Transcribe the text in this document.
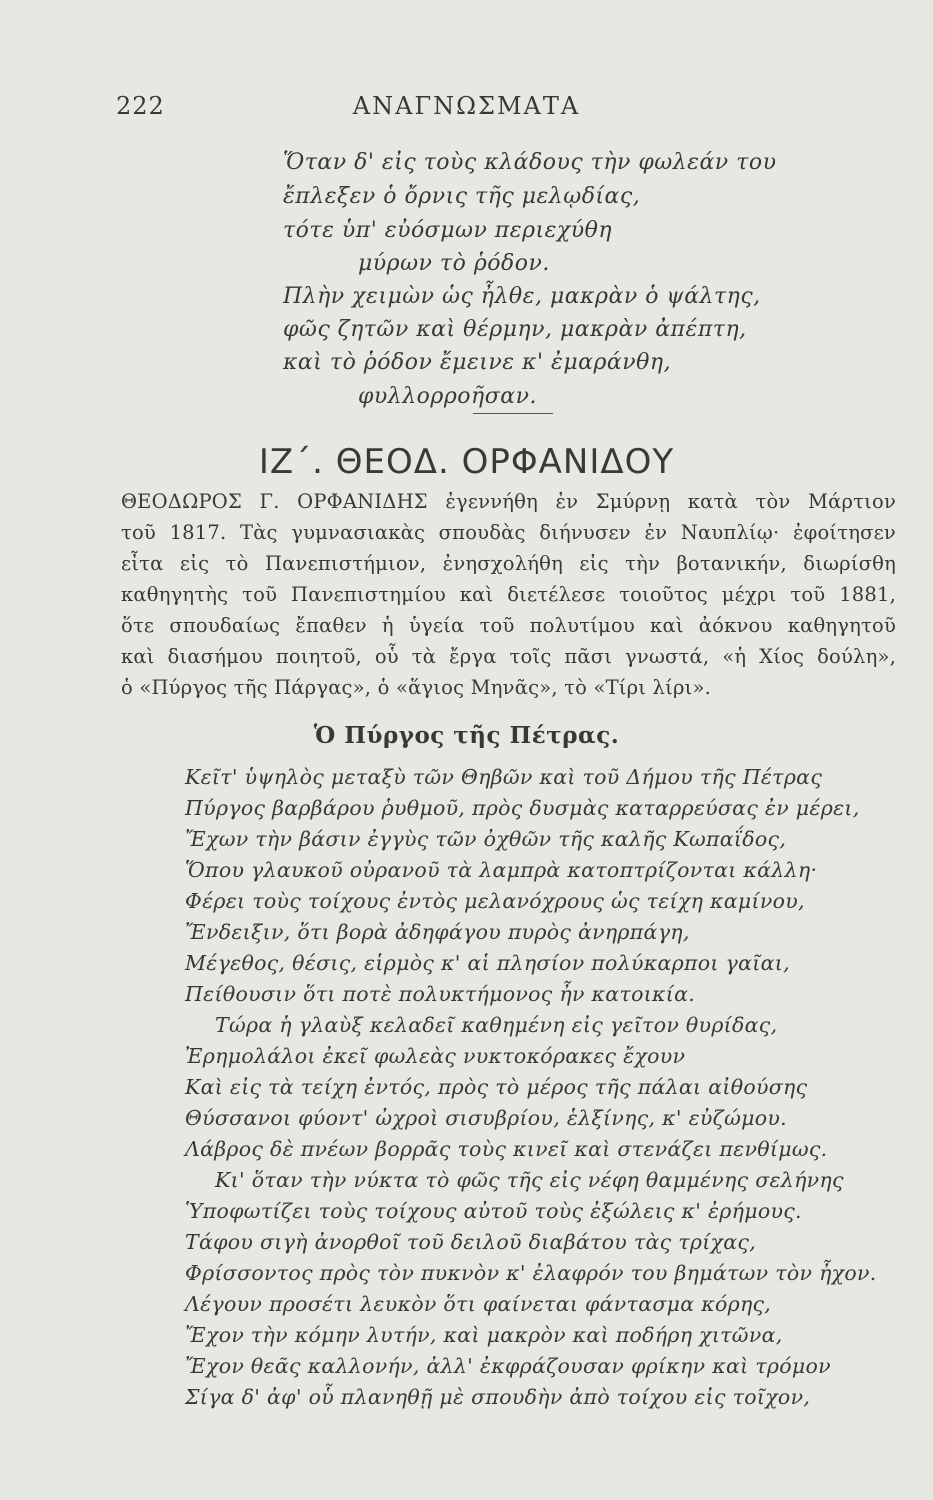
222	ΑΝΑΓΝΩΣΜΑΤΑ
Ὅταν δ' εἰς τοὺς κλάδους τὴν φωλεάν του
ἔπλεξεν ὁ ὄρνις τῆς μελῳδίας,
τότε ὑπ' εὐόσμων περιεχύθη
μύρων τὸ ῥόδον.
Πλὴν χειμὼν ὡς ἦλθε, μακρὰν ὁ ψάλτης,
φῶς ζητῶν καὶ θέρμην, μακρὰν ἀπέπτη,
καὶ τὸ ῥόδον ἔμεινε κ' ἐμαράνθη,
φυλλορροῆσαν.
ΙΖ΄. ΘΕΟΔ. ΟΡΦΑΝΙΔΟΥ
ΘΕΟΔΩΡΟΣ Γ. ΟΡΦΑΝΙΔΗΣ ἐγεννήθη ἐν Σμύρνῃ κατὰ τὸν Μάρτιον
τοῦ 1817. Τὰς γυμνασιακὰς σπουδὰς διήνυσεν ἐν Ναυπλίῳ· ἐφοίτησεν
εἶτα εἰς τὸ Πανεπιστήμιον, ἐνησχολήθη εἰς τὴν βοτανικήν, διωρίσθη
καθηγητὴς τοῦ Πανεπιστημίου καὶ διετέλεσε τοιοῦτος μέχρι τοῦ 1881,
ὅτε σπουδαίως ἔπαθεν ἡ ὑγεία τοῦ πολυτίμου καὶ ἀόκνου καθηγητοῦ
καὶ διασήμου ποιητοῦ, οὗ τὰ ἔργα τοῖς πᾶσι γνωστά, «ἡ Χίος δούλη»,
ὁ «Πύργος τῆς Πάργας», ὁ «ἅγιος Μηνᾶς», τὸ «Τίρι λίρι».
Ὁ Πύργος τῆς Πέτρας.
Κεῖτ' ὑψηλὸς μεταξὺ τῶν Θηβῶν καὶ τοῦ Δήμου τῆς Πέτρας
Πύργος βαρβάρου ῥυθμοῦ, πρὸς δυσμὰς καταρρεύσας ἐν μέρει,
Ἔχων τὴν βάσιν ἐγγὺς τῶν ὀχθῶν τῆς καλῆς Κωπαΐδος,
Ὅπου γλαυκοῦ οὐρανοῦ τὰ λαμπρὰ κατοπτρίζονται κάλλη·
Φέρει τοὺς τοίχους ἐντὸς μελανόχρους ὡς τείχη καμίνου,
Ἔνδειξιν, ὅτι βορὰ ἀδηφάγου πυρὸς ἀνηρπάγη,
Μέγεθος, θέσις, εἱρμὸς κ' αἱ πλησίον πολύκαρποι γαῖαι,
Πείθουσιν ὅτι ποτὲ πολυκτήμονος ἦν κατοικία.
Τώρα ἡ γλαὺξ κελαδεῖ καθημένη εἰς γεῖτον θυρίδας,
Ἐρημολάλοι ἐκεῖ φωλεὰς νυκτοκόρακες ἔχουν
Καὶ εἰς τὰ τείχη ἐντός, πρὸς τὸ μέρος τῆς πάλαι αἰθούσης
Θύσσανοι φύοντ' ὠχροὶ σισυβρίου, ἑλξίνης, κ' εὐζώμου.
Λάβρος δὲ πνέων βορρᾶς τοὺς κινεῖ καὶ στενάζει πενθίμως.
Κι' ὅταν τὴν νύκτα τὸ φῶς τῆς εἰς νέφη θαμμένης σελήνης
Ὑποφωτίζει τοὺς τοίχους αὐτοῦ τοὺς ἐξώλεις κ' ἐρήμους.
Τάφου σιγὴ ἀνορθοῖ τοῦ δειλοῦ διαβάτου τὰς τρίχας,
Φρίσσοντος πρὸς τὸν πυκνὸν κ' ἐλαφρόν του βημάτων τὸν ἦχον.
Λέγουν προσέτι λευκὸν ὅτι φαίνεται φάντασμα κόρης,
Ἔχον τὴν κόμην λυτήν, καὶ μακρὸν καὶ ποδήρη χιτῶνα,
Ἔχον θεᾶς καλλονήν, ἀλλ' ἐκφράζουσαν φρίκην καὶ τρόμον
Σίγα δ' ἀφ' οὗ πλανηθῇ μὲ σπουδὴν ἀπὸ τοίχου εἰς τοῖχον,
